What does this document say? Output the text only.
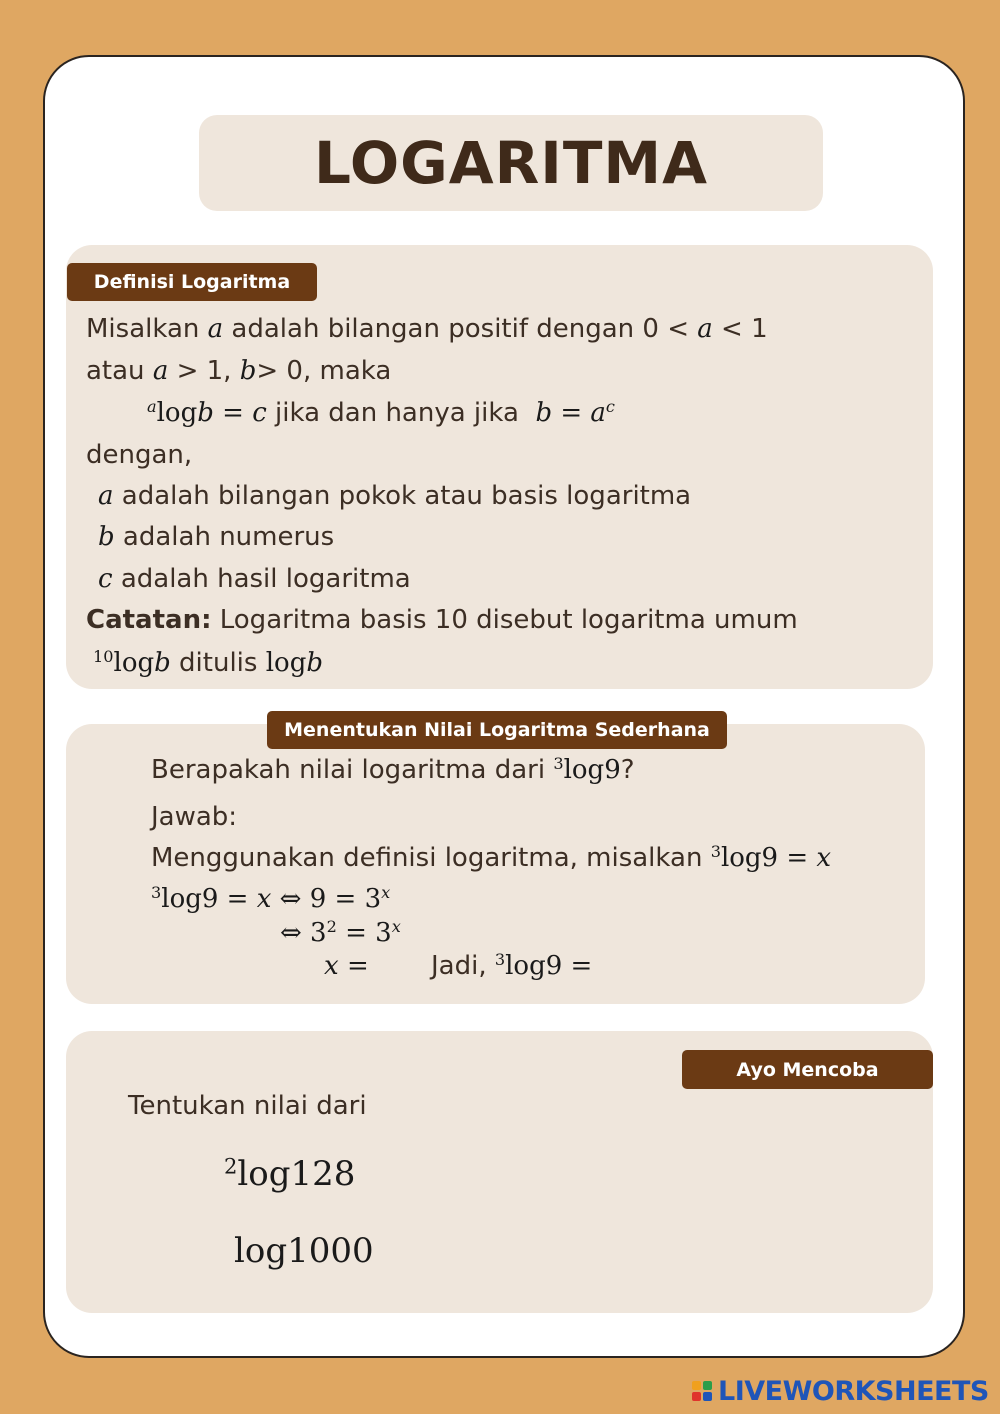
LOGARITMA
Definisi Logaritma
Misalkan a adalah bilangan positif dengan 0 < a < 1
atau a > 1, b> 0, maka
$^a$logb = c jika dan hanya jika $b = a^c$
dengan,
a adalah bilangan pokok atau basis logaritma
b adalah numerus
c adalah hasil logaritma
Catatan: Logaritma basis 10 disebut logaritma umum
$^{10}$logb ditulis logb
Menentukan Nilai Logaritma Sederhana
Berapakah nilai logaritma dari $^3$log9?
Jawab:
Menggunakan definisi logaritma, misalkan $^3$log9 = x
$^3$log9 = x ⇔ $9 = 3^x$
⇔ $3^2 = 3^x$
x = Jadi, $^3$log9 =
Ayo Mencoba
Tentukan nilai dari
$^2$log128
log1000
LIVEWORKSHEETS
